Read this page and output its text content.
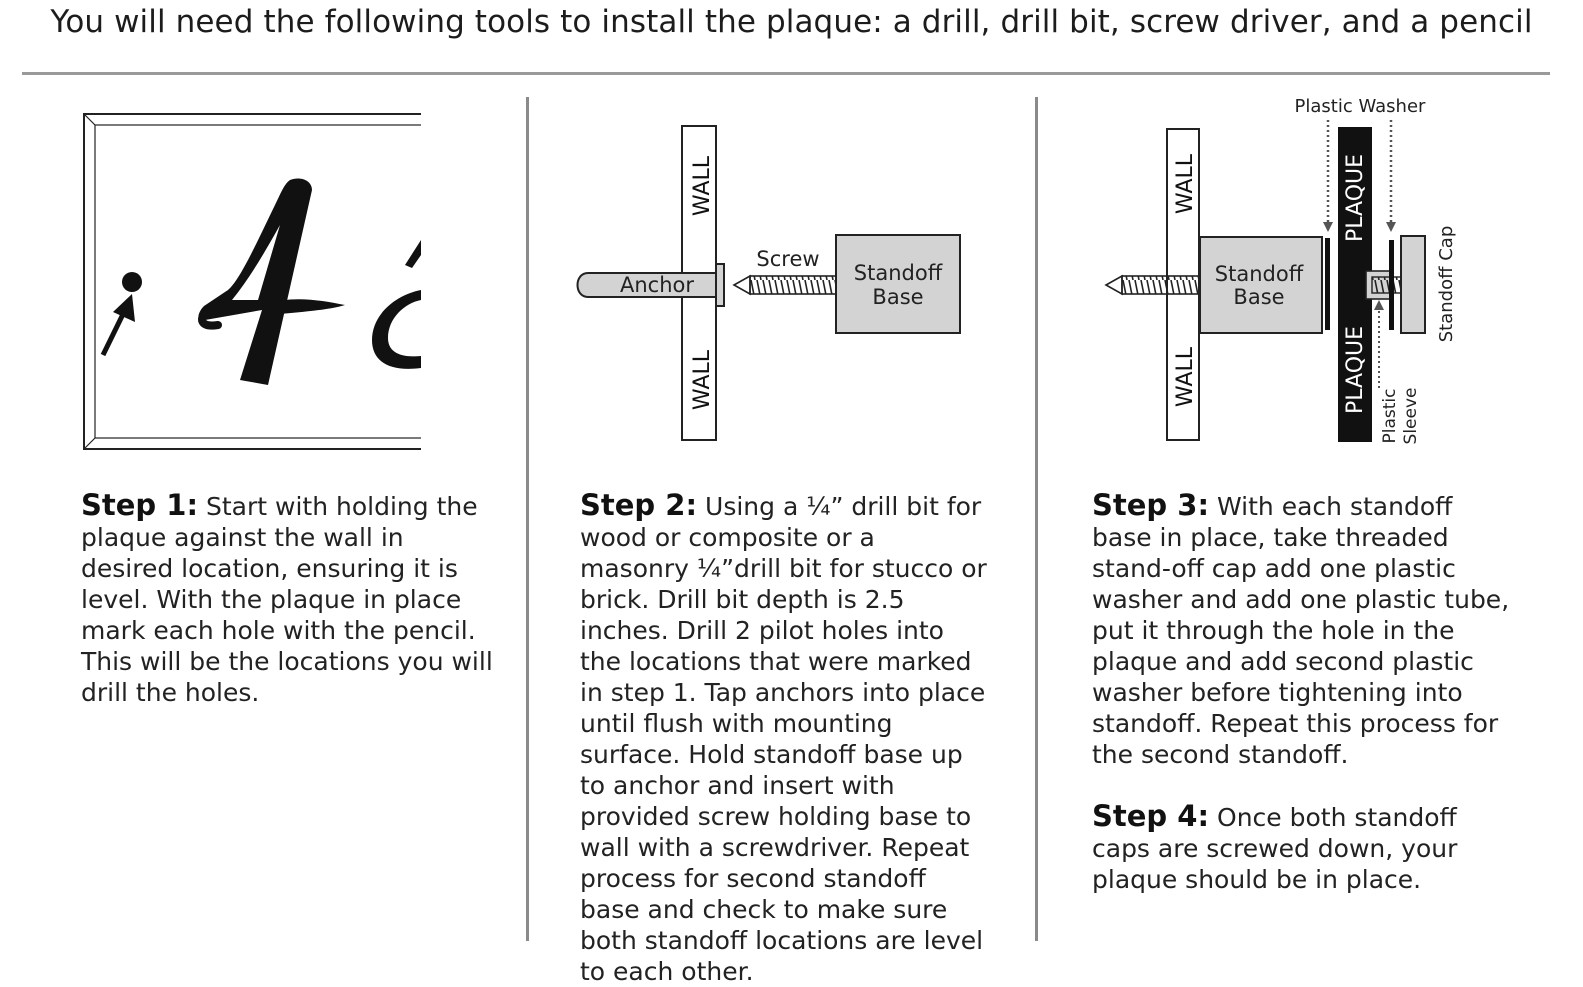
You will need the following tools to install the plaque: a drill, drill bit, screw driver, and a pencil
WALL
WALL
Anchor
Screw
Standoff
Base
WALL
WALL
Standoff
Base
PLAQUE
PLAQUE
Standoff Cap
Plastic Washer
Plastic Sleeve
Step 1: Start with holding the plaque against the wall in desired location, ensuring it is level. With the plaque in place mark each hole with the pencil. This will be the locations you will drill the holes.
Step 2: Using a ¼” drill bit for wood or composite or a masonry ¼”drill bit for stucco or brick. Drill bit depth is 2.5 inches. Drill 2 pilot holes into the locations that were marked in step 1. Tap anchors into place until flush with mounting surface. Hold standoff base up to anchor and insert with provided screw holding base to wall with a screwdriver. Repeat process for second standoff base and check to make sure both standoff locations are level to each other.
Step 3: With each standoff base in place, take threaded stand-off cap add one plastic washer and add one plastic tube, put it through the hole in the plaque and add second plastic washer before tightening into standoff. Repeat this process for the second standoff.
Step 4: Once both standoff caps are screwed down, your plaque should be in place.
